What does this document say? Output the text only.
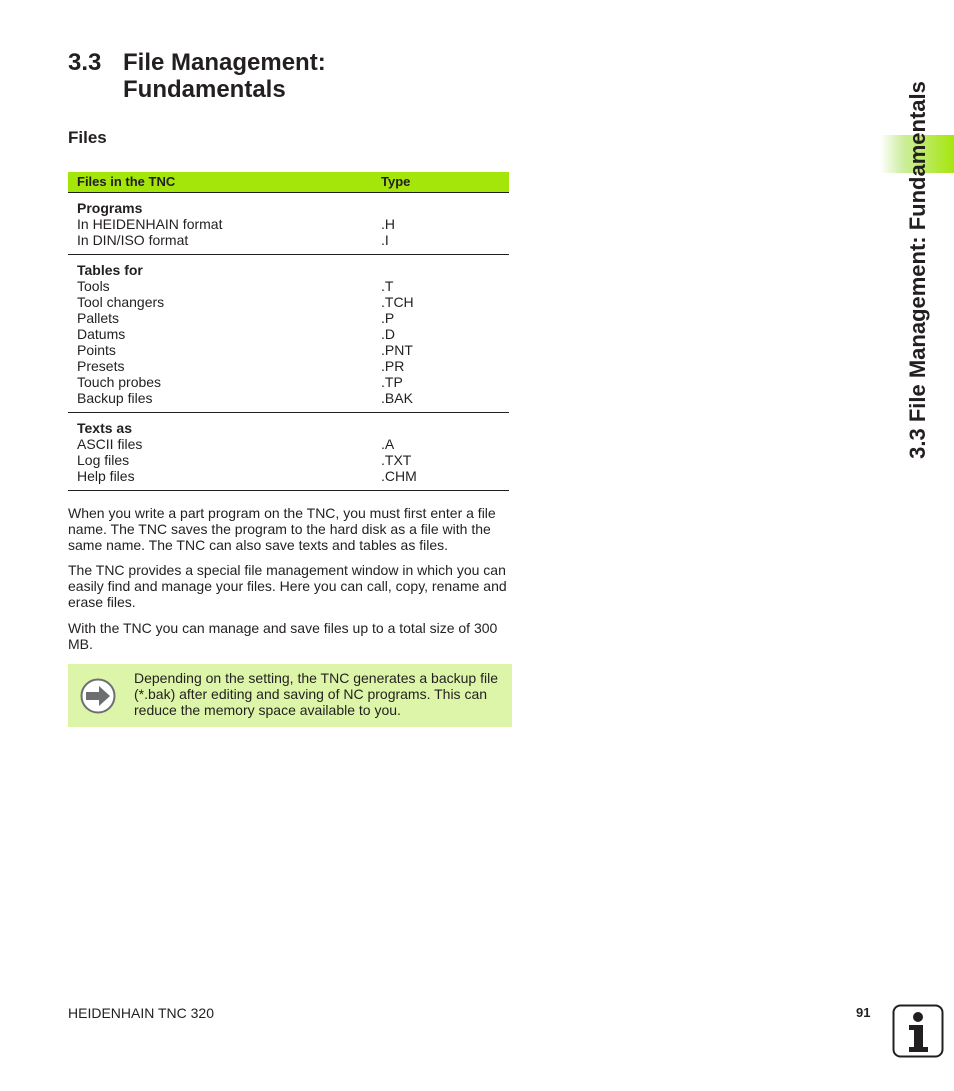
3.3 File Management:
Fundamentals
Files
Files in the TNC	Type
Programs
In HEIDENHAIN format	.H
In DIN/ISO format	.I
Tables for
Tools	.T
Tool changers	.TCH
Pallets	.P
Datums	.D
Points	.PNT
Presets	.PR
Touch probes	.TP
Backup files	.BAK
Texts as
ASCII files	.A
Log files	.TXT
Help files	.CHM

When you write a part program on the TNC, you must first enter a file name. The TNC saves the program to the hard disk as a file with the same name. The TNC can also save texts and tables as files.

The TNC provides a special file management window in which you can easily find and manage your files. Here you can call, copy, rename and erase files.

With the TNC you can manage and save files up to a total size of 300 MB.

Depending on the setting, the TNC generates a backup file (*.bak) after editing and saving of NC programs. This can reduce the memory space available to you.
3.3 File Management: Fundamentals
HEIDENHAIN TNC 320	91
